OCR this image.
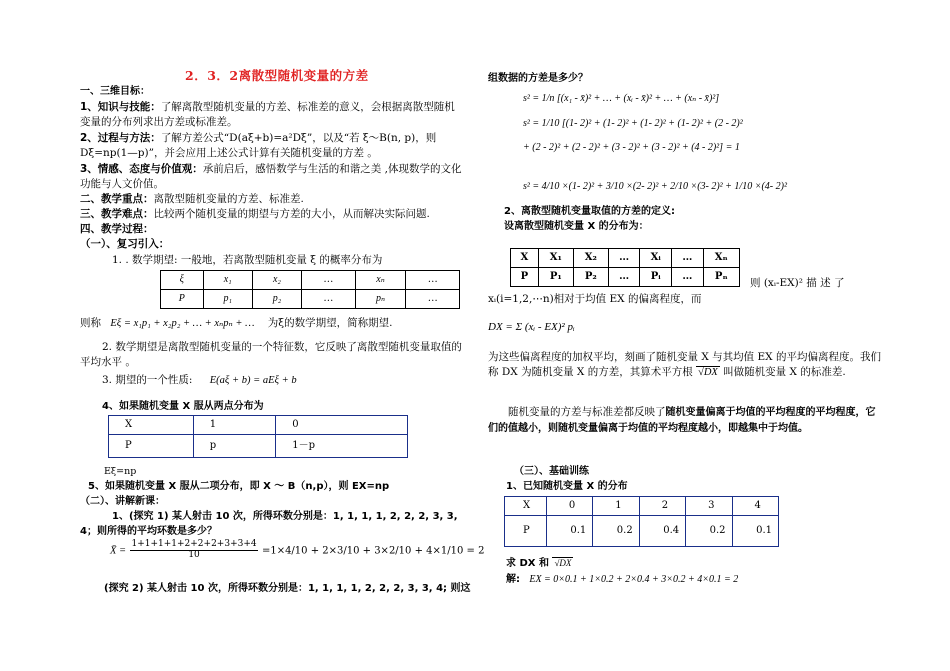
2．3．2离散型随机变量的方差
一、三维目标：
1、知识与技能：了解离散型随机变量的方差、标准差的意义，会根据离散型随机变量的分布列求出方差或标准差。
2、过程与方法：了解方差公式“D(aξ+b)=a²Dξ”，以及“若 ξ～B(n, p)，则Dξ=np(1—p)”，并会应用上述公式计算有关随机变量的方差 。
3、情感、态度与价值观：承前启后，感悟数学与生活的和谐之美 ,体现数学的文化功能与人文价值。
二、教学重点：离散型随机变量的方差、标准差.
三、教学难点：比较两个随机变量的期望与方差的大小，从而解决实际问题.
四、教学过程：
（一）、复习引入：
1. . 数学期望: 一般地，若离散型随机变量 ξ 的概率分布为
ξ	x₁	x₂	…	xₙ	…
P	p₁	p₂	…	pₙ	…
则称 Eξ = x₁p₁ + x₂p₂ + … + xₙpₙ + … 为ξ的数学期望，简称期望.
2. 数学期望是离散型随机变量的一个特征数，它反映了离散型随机变量取值的平均水平 。
3. 期望的一个性质: E(aξ + b) = aEξ + b
4、如果随机变量 X 服从两点分布为
X	1	0
P	p	1－p
Eξ=np
5、如果随机变量 X 服从二项分布，即 X ～ B（n,p），则 EX=np
（二）、讲解新课：
1、(探究 1) 某人射击 10 次，所得环数分别是：1, 1, 1, 1, 2, 2, 2, 3, 3, 4；则所得的平均环数是多少？
X̄ = $\frac{1+1+1+1+2+2+2+3+3+4}{10} =1\times 4/10 + 2\times 3/10 + 3\times 2/10 + 4\times 1/10 = 2$
(探究 2) 某人射击 10 次，所得环数分别是：1, 1, 1, 1, 2, 2, 2, 3, 3, 4; 则这
组数据的方差是多少？
s² = 1/n [(x₁ - x̄)² + … + (xᵢ - x̄)² + … + (xₙ - x̄)²]
s² = 1/10 [(1- 2)² + (1- 2)² + (1- 2)² + (1- 2)² + (2 - 2)²
+ (2 - 2)² + (2 - 2)² + (3 - 2)² + (3 - 2)² + (4 - 2)²] = 1
s² = 4/10 ×(1- 2)² + 3/10 ×(2- 2)² + 2/10 ×(3- 2)² + 1/10 ×(4- 2)²
2、离散型随机变量取值的方差的定义:
设离散型随机变量 X 的分布为：
X	X₁	X₂	…	Xᵢ	…	Xₙ
P	P₁	P₂	…	Pᵢ	…	Pₙ
则 (xᵢ-EX)² 描 述 了
xᵢ(i=1,2,⋯n)相对于均值 EX 的偏离程度，而
DX = Σ (xᵢ - EX)² pᵢ
为这些偏离程度的加权平均，刻画了随机变量 X 与其均值 EX 的平均偏离程度。我们称 DX 为随机变量 X 的方差，其算术平方根 √DX 叫做随机变量 X 的标准差.
随机变量的方差与标准差都反映了随机变量偏离于均值的平均程度的平均程度，它们的值越小，则随机变量偏离于均值的平均程度越小，即越集中于均值。
（三）、基础训练
1、已知随机变量 X 的分布
X	0	1	2	3	4
P	0.1	0.2	0.4	0.2	0.1
求 DX 和 √DX
解: EX = 0×0.1 + 1×0.2 + 2×0.4 + 3×0.2 + 4×0.1 = 2
